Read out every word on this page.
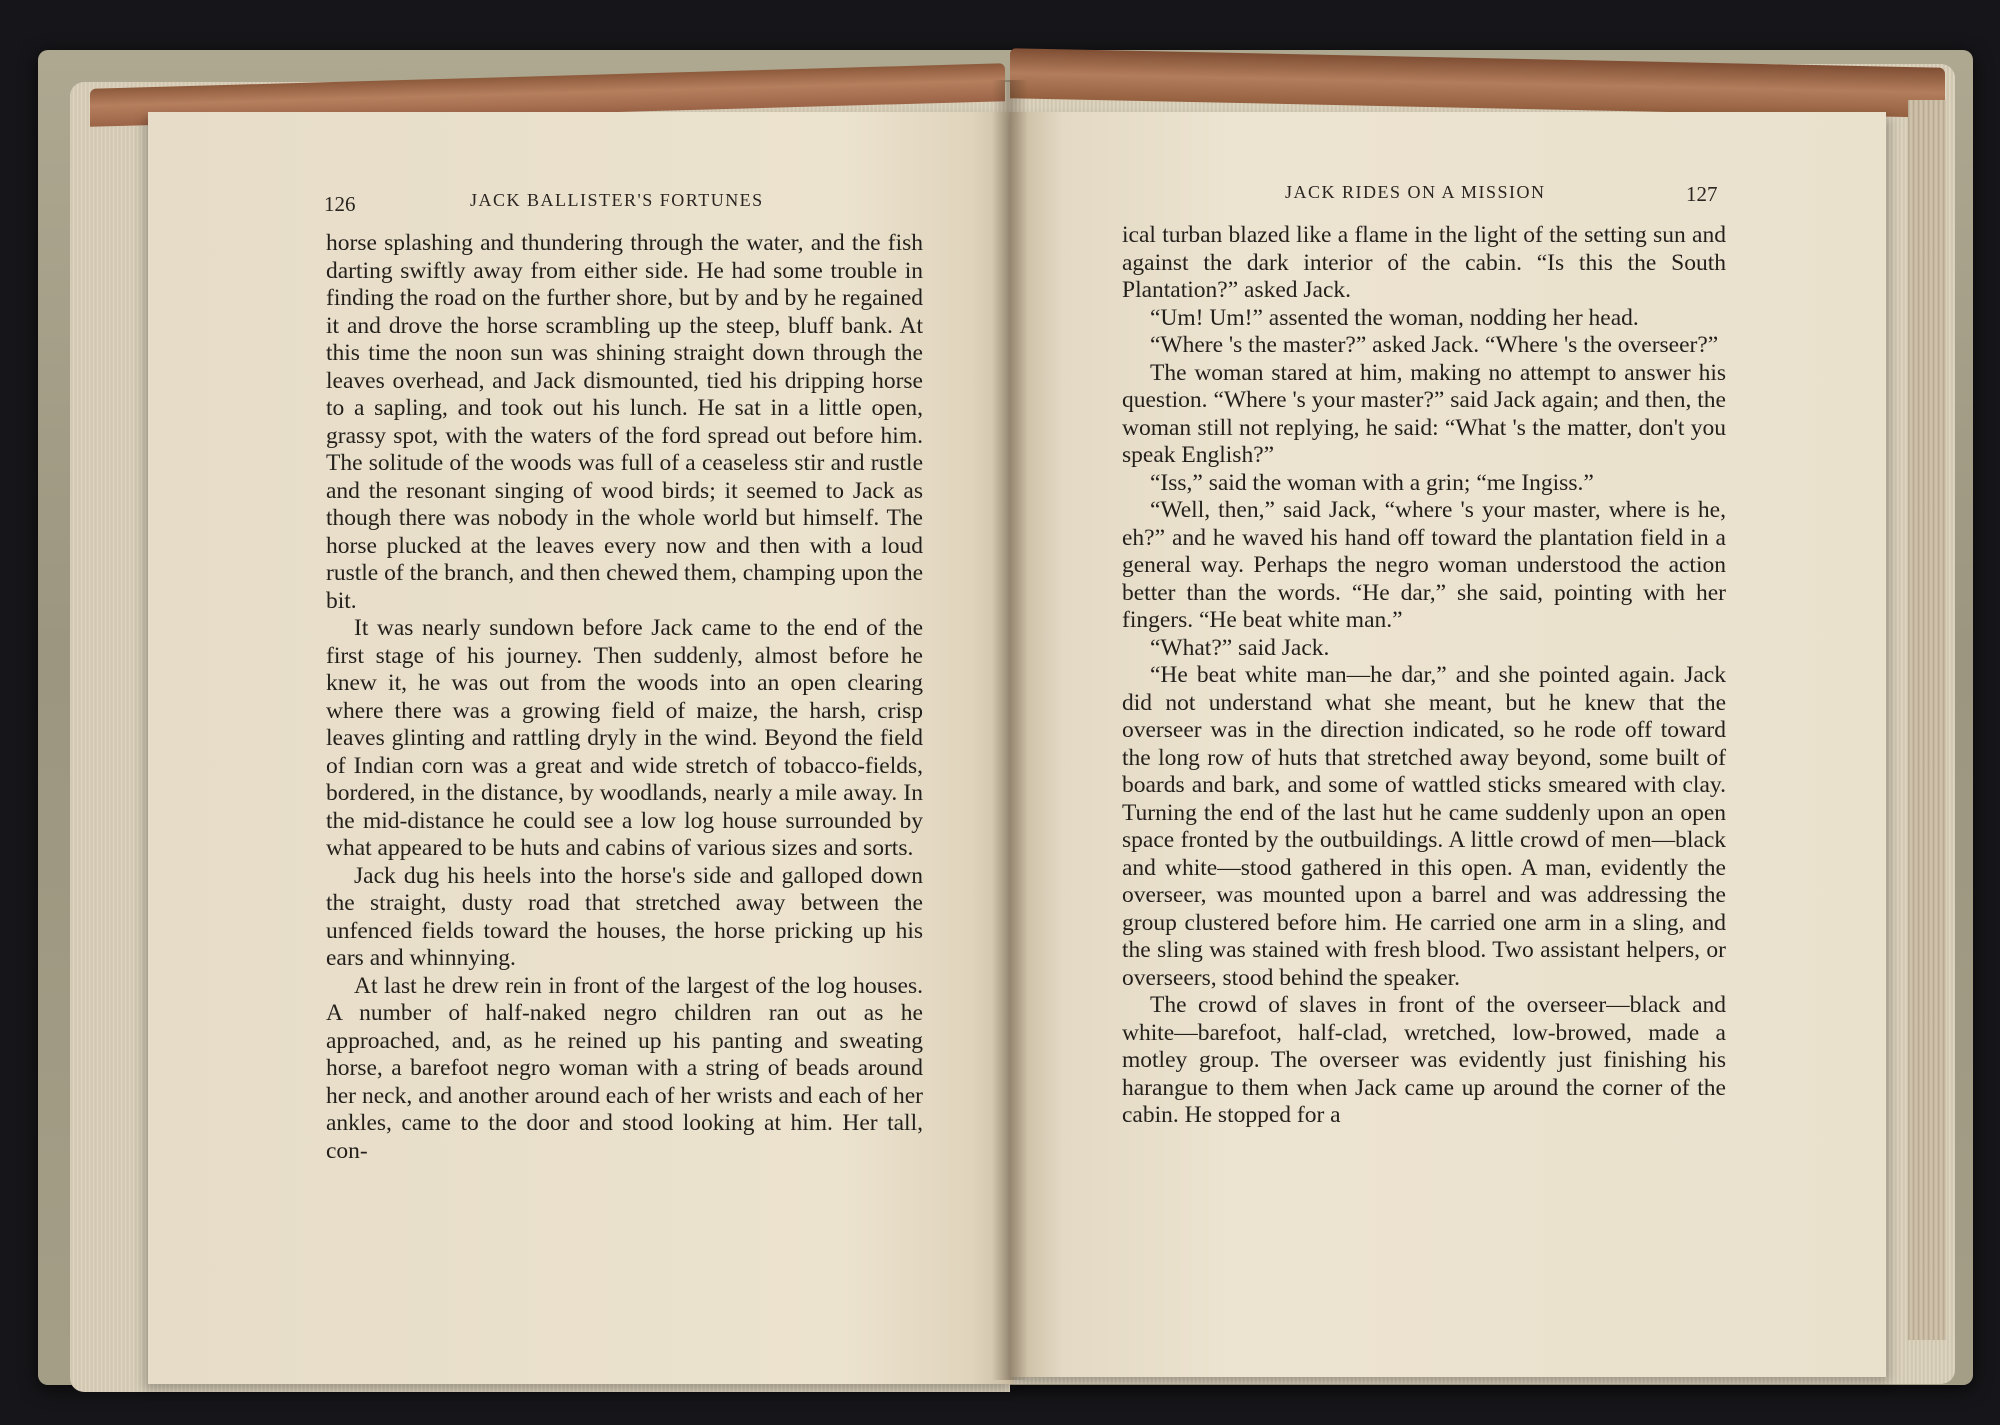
126	JACK BALLISTER'S FORTUNES

horse splashing and thundering through the water, and the fish darting swiftly away from either side. He had some trouble in finding the road on the further shore, but by and by he regained it and drove the horse scrambling up the steep, bluff bank. At this time the noon sun was shining straight down through the leaves overhead, and Jack dismounted, tied his dripping horse to a sapling, and took out his lunch. He sat in a little open, grassy spot, with the waters of the ford spread out before him. The solitude of the woods was full of a ceaseless stir and rustle and the resonant singing of wood birds; it seemed to Jack as though there was nobody in the whole world but himself. The horse plucked at the leaves every now and then with a loud rustle of the branch, and then chewed them, champing upon the bit.

It was nearly sundown before Jack came to the end of the first stage of his journey. Then suddenly, almost before he knew it, he was out from the woods into an open clearing where there was a growing field of maize, the harsh, crisp leaves glinting and rattling dryly in the wind. Beyond the field of Indian corn was a great and wide stretch of tobacco-fields, bordered, in the distance, by woodlands, nearly a mile away. In the mid-distance he could see a low log house surrounded by what appeared to be huts and cabins of various sizes and sorts.

Jack dug his heels into the horse's side and galloped down the straight, dusty road that stretched away between the unfenced fields toward the houses, the horse pricking up his ears and whinnying.

At last he drew rein in front of the largest of the log houses. A number of half-naked negro children ran out as he approached, and, as he reined up his panting and sweating horse, a barefoot negro woman with a string of beads around her neck, and another around each of her wrists and each of her ankles, came to the door and stood looking at him. Her tall, con-

JACK RIDES ON A MISSION	127

ical turban blazed like a flame in the light of the setting sun and against the dark interior of the cabin. “Is this the South Plantation?” asked Jack.

“Um! Um!” assented the woman, nodding her head.

“Where 's the master?” asked Jack. “Where 's the overseer?”

The woman stared at him, making no attempt to answer his question. “Where 's your master?” said Jack again; and then, the woman still not replying, he said: “What 's the matter, don't you speak English?”

“Iss,” said the woman with a grin; “me Ingiss.”

“Well, then,” said Jack, “where 's your master, where is he, eh?” and he waved his hand off toward the plantation field in a general way. Perhaps the negro woman understood the action better than the words. “He dar,” she said, pointing with her fingers. “He beat white man.”

“What?” said Jack.

“He beat white man—he dar,” and she pointed again. Jack did not understand what she meant, but he knew that the overseer was in the direction indicated, so he rode off toward the long row of huts that stretched away beyond, some built of boards and bark, and some of wattled sticks smeared with clay. Turning the end of the last hut he came suddenly upon an open space fronted by the outbuildings. A little crowd of men—black and white—stood gathered in this open. A man, evidently the overseer, was mounted upon a barrel and was addressing the group clustered before him. He carried one arm in a sling, and the sling was stained with fresh blood. Two assistant helpers, or overseers, stood behind the speaker.

The crowd of slaves in front of the overseer—black and white—barefoot, half-clad, wretched, low-browed, made a motley group. The overseer was evidently just finishing his harangue to them when Jack came up around the corner of the cabin. He stopped for a
